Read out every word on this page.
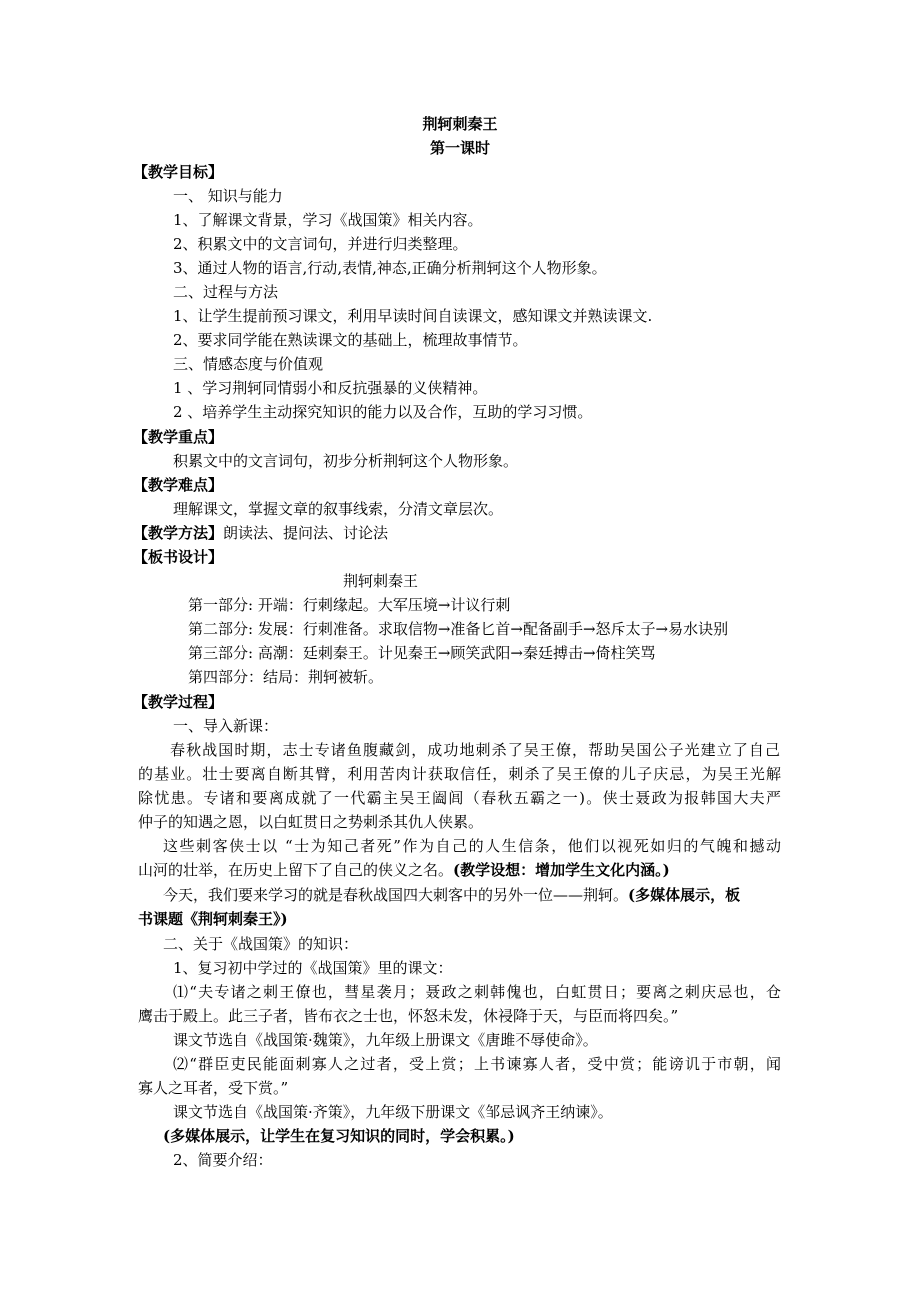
荆轲刺秦王
第一课时
【教学目标】
一、 知识与能力
1、了解课文背景，学习《战国策》相关内容。
2、积累文中的文言词句，并进行归类整理。
3、通过人物的语言,行动,表情,神态,正确分析荆轲这个人物形象。
二、过程与方法
1、让学生提前预习课文，利用早读时间自读课文，感知课文并熟读课文.
2、要求同学能在熟读课文的基础上，梳理故事情节。
三、情感态度与价值观
1 、学习荆轲同情弱小和反抗强暴的义侠精神。
2 、培养学生主动探究知识的能力以及合作，互助的学习习惯。
【教学重点】
积累文中的文言词句，初步分析荆轲这个人物形象。
【教学难点】
理解课文，掌握文章的叙事线索，分清文章层次。
【教学方法】朗读法、提问法、讨论法
【板书设计】
荆轲刺秦王
第一部分: 开端：行刺缘起。大军压境→计议行刺
第二部分: 发展：行刺准备。求取信物→准备匕首→配备副手→怒斥太子→易水诀别
第三部分: 高潮：廷刺秦王。计见秦王→顾笑武阳→秦廷搏击→倚柱笑骂
第四部分：结局：荆轲被斩。
【教学过程】
一、导入新课：
春秋战国时期，志士专诸鱼腹藏剑，成功地刺杀了吴王僚，帮助吴国公子光建立了自己
的基业。壮士要离自断其臂，利用苦肉计获取信任，刺杀了吴王僚的儿子庆忌，为吴王光解
除忧患。专诸和要离成就了一代霸主吴王阖闾（春秋五霸之一)。侠士聂政为报韩国大夫严
仲子的知遇之恩，以白虹贯日之势刺杀其仇人侠累。
这些刺客侠士以 “士为知己者死”作为自己的人生信条，他们以视死如归的气魄和撼动
山河的壮举，在历史上留下了自己的侠义之名。(教学设想：增加学生文化内涵。)
今天，我们要来学习的就是春秋战国四大刺客中的另外一位——荆轲。(多媒体展示，板
书课题《荆轲刺秦王》)
二、关于《战国策》的知识：
1、复习初中学过的《战国策》里的课文：
⑴“夫专诸之刺王僚也，彗星袭月；聂政之刺韩傀也，白虹贯日；要离之刺庆忌也，仓
鹰击于殿上。此三子者，皆布衣之士也，怀怒未发，休祲降于天，与臣而将四矣。”
课文节选自《战国策·魏策》，九年级上册课文《唐雎不辱使命》。
⑵“群臣吏民能面刺寡人之过者，受上赏；上书谏寡人者，受中赏；能谤讥于市朝，闻
寡人之耳者，受下赏。”
课文节选自《战国策·齐策》，九年级下册课文《邹忌讽齐王纳谏》。
(多媒体展示，让学生在复习知识的同时，学会积累。)
2、简要介绍：
